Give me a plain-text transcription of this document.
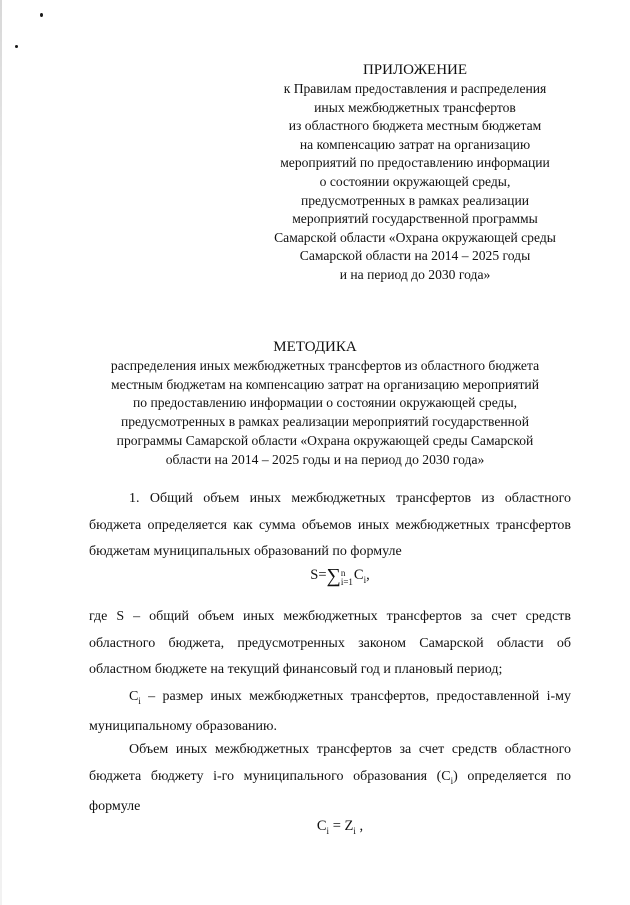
ПРИЛОЖЕНИЕ
к Правилам предоставления и распределения
иных межбюджетных трансфертов
из областного бюджета местным бюджетам
на компенсацию затрат на организацию
мероприятий по предоставлению информации
о состоянии окружающей среды,
предусмотренных в рамках реализации
мероприятий государственной программы
Самарской области «Охрана окружающей среды
Самарской области на 2014 – 2025 годы
и на период до 2030 года»
МЕТОДИКА
распределения иных межбюджетных трансфертов из областного бюджета
местным бюджетам на компенсацию затрат на организацию мероприятий
по предоставлению информации о состоянии окружающей среды,
предусмотренных в рамках реализации мероприятий государственной
программы Самарской области «Охрана окружающей среды Самарской
области на 2014 – 2025 годы и на период до 2030 года»
1. Общий объем иных межбюджетных трансфертов из областного бюджета определяется как сумма объемов иных межбюджетных трансфертов бюджетам муниципальных образований по формуле
S=∑n
$i=1C_i$,
где S – общий объем иных межбюджетных трансфертов за счет средств областного бюджета, предусмотренных законом Самарской области об областном бюджете на текущий финансовый год и плановый период;
$C_i$ – размер иных межбюджетных трансфертов, предоставленной i-му муниципальному образованию.
Объем иных межбюджетных трансфертов за счет средств областного бюджета бюджету i-го муниципального образования $(C_i)$ определяется по формуле
$C_i = Z_i$ ,
